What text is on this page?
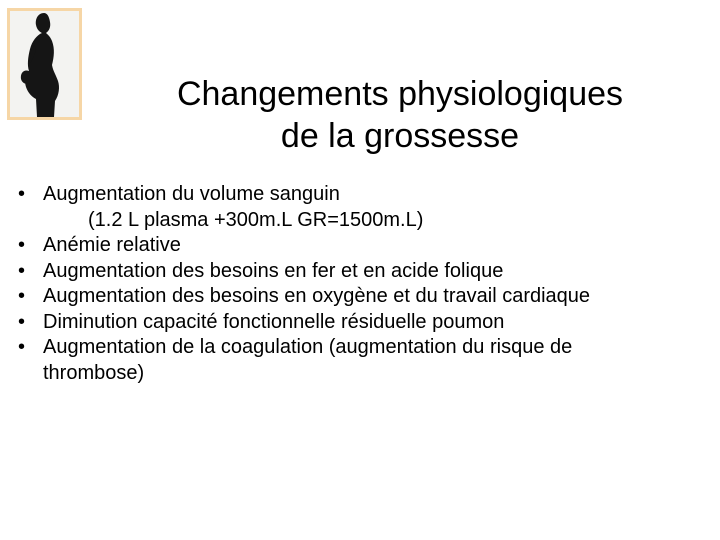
Changements physiologiques
de la grossesse
• Augmentation du volume sanguin
(1.2 L plasma +300m.L GR=1500m.L)
• Anémie relative
• Augmentation des besoins en fer et en acide folique
• Augmentation des besoins en oxygène et du travail cardiaque
• Diminution capacité fonctionnelle résiduelle poumon
• Augmentation de la coagulation (augmentation du risque de
thrombose)
